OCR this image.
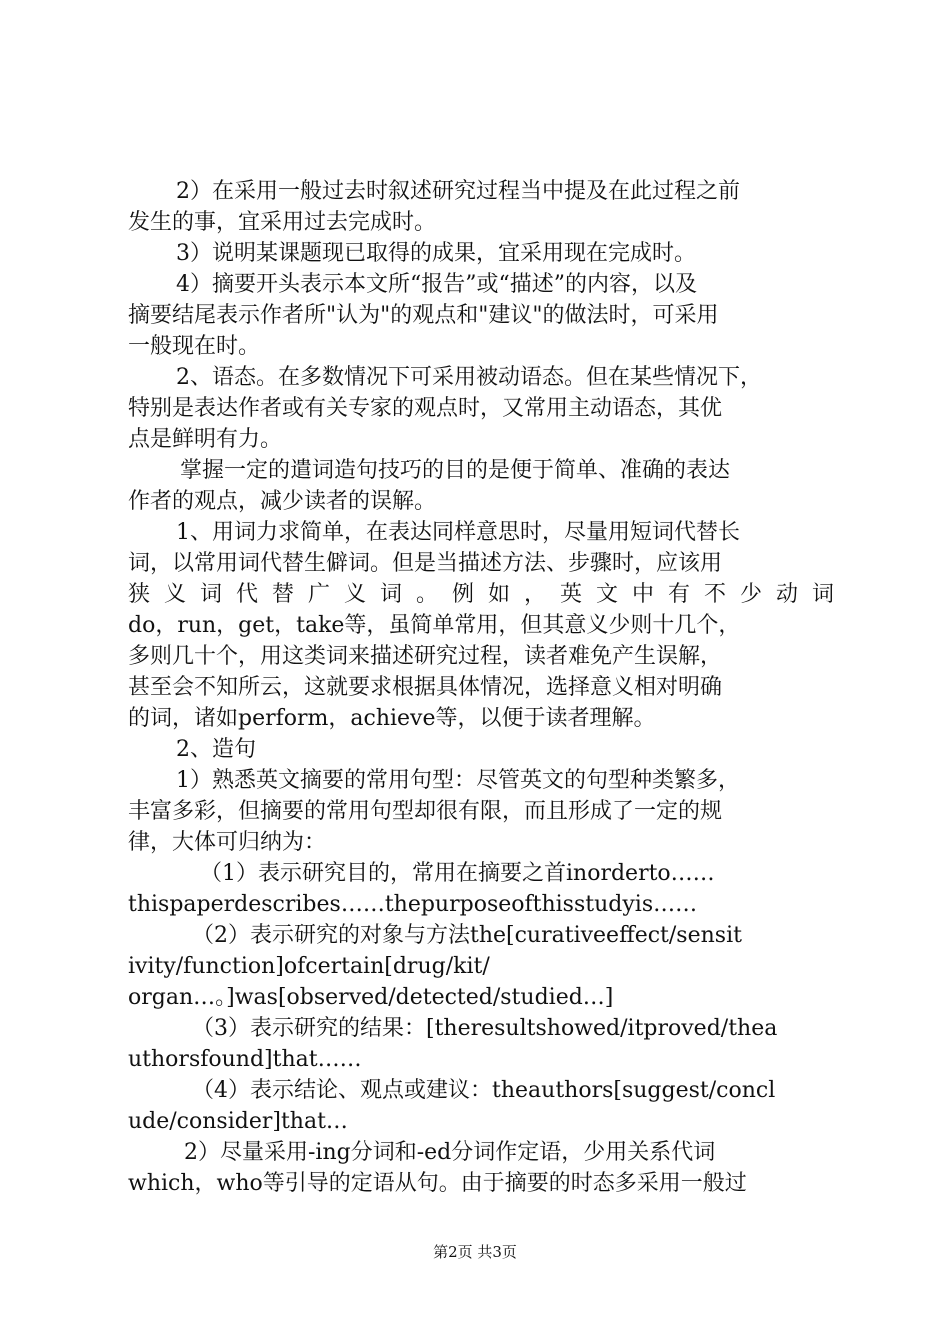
2）在采用一般过去时叙述研究过程当中提及在此过程之前
发生的事，宜采用过去完成时。
3）说明某课题现已取得的成果，宜采用现在完成时。
4）摘要开头表示本文所“报告”或“描述”的内容，以及
摘要结尾表示作者所"认为"的观点和"建议"的做法时，可采用
一般现在时。
2、语态。在多数情况下可采用被动语态。但在某些情况下，
特别是表达作者或有关专家的观点时，又常用主动语态，其优
点是鲜明有力。
掌握一定的遣词造句技巧的目的是便于简单、准确的表达
作者的观点，减少读者的误解。
1、用词力求简单，在表达同样意思时，尽量用短词代替长
词，以常用词代替生僻词。但是当描述方法、步骤时，应该用
狭义词代替广义词。例如，英文中有不少动词
do，run，get，take等，虽简单常用，但其意义少则十几个，
多则几十个，用这类词来描述研究过程，读者难免产生误解，
甚至会不知所云，这就要求根据具体情况，选择意义相对明确
的词，诸如perform，achieve等，以便于读者理解。
2、造句
1）熟悉英文摘要的常用句型：尽管英文的句型种类繁多，
丰富多彩，但摘要的常用句型却很有限，而且形成了一定的规
律，大体可归纳为：
（1）表示研究目的，常用在摘要之首inorderto……
thispaperdescribes……thepurposeofthisstudyis……
（2）表示研究的对象与方法the[curativeeffect/sensit
ivity/function]ofcertain[drug/kit/
organ…。]was[observed/detected/studied…]
（3）表示研究的结果：[theresultshowed/itproved/thea
uthorsfound]that……
（4）表示结论、观点或建议：theauthors[suggest/concl
ude/consider]that…
2）尽量采用-ing分词和-ed分词作定语，少用关系代词
which，who等引导的定语从句。由于摘要的时态多采用一般过
第2页 共3页
